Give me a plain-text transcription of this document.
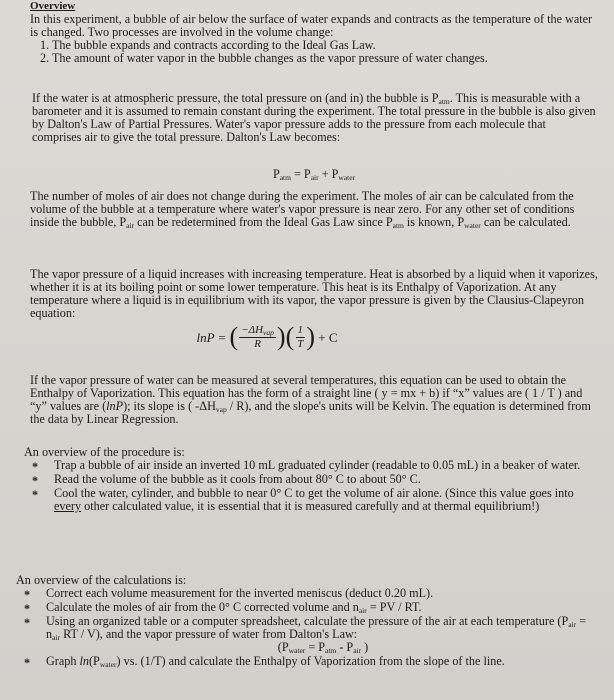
Overview

In this experiment, a bubble of air below the surface of water expands and contracts as the temperature of the water is changed. Two processes are involved in the volume change:

1. The bubble expands and contracts according to the Ideal Gas Law.

2. The amount of water vapor in the bubble changes as the vapor pressure of water changes.

If the water is at atmospheric pressure, the total pressure on (and in) the bubble is $P_{atm}$. This is measurable with a barometer and it is assumed to remain constant during the experiment. The total pressure in the bubble is also given by Dalton's Law of Partial Pressures. Water's vapor pressure adds to the pressure from each molecule that comprises air to give the total pressure. Dalton's Law becomes:

$P_{atm} = P_{air} + P_{water}$

The number of moles of air does not change during the experiment. The moles of air can be calculated from the volume of the bubble at a temperature where water's vapor pressure is near zero. For any other set of conditions inside the bubble, $P_{air}$ can be redetermined from the Ideal Gas Law since $P_{atm}$ is known, $P_{water}$ can be calculated.

The vapor pressure of a liquid increases with increasing temperature. Heat is absorbed by a liquid when it vaporizes, whether it is at its boiling point or some lower temperature. This heat is its Enthalpy of Vaporization. At any temperature where a liquid is in equilibrium with its vapor, the vapor pressure is given by the Clausius-Clapeyron equation:

lnP =
( $\frac{-\Delta H_{vap}}{R}$ ) ( $\frac{1}{T}$ )
+ C

If the vapor pressure of water can be measured at several temperatures, this equation can be used to obtain the Enthalpy of Vaporization. This equation has the form of a straight line ( y = mx + b) if “x” values are ( 1 / T ) and “y” values are (lnP); its slope is ( $-\Delta H_{vap} / R$), and the slope's units will be Kelvin. The equation is determined from the data by Linear Regression.

An overview of the procedure is:

* Trap a bubble of air inside an inverted 10 mL graduated cylinder (readable to 0.05 mL) in a beaker of water.
* Read the volume of the bubble as it cools from about 80° C to about 50° C.
* Cool the water, cylinder, and bubble to near 0° C to get the volume of air alone. (Since this value goes into every other calculated value, it is essential that it is measured carefully and at thermal equilibrium!)

An overview of the calculations is:

* Correct each volume measurement for the inverted meniscus (deduct 0.20 mL).
* Calculate the moles of air from the 0° C corrected volume and $n_{air}$ = PV / RT.
* Using an organized table or a computer spreadsheet, calculate the pressure of the air at each temperature ($P_{air} = n_{air}$ RT / V), and the vapor pressure of water from Dalton's Law:
($P_{water} = P_{atm} - P_{air}$ )
* Graph $\ln(P_{water})$ vs. (1/T) and calculate the Enthalpy of Vaporization from the slope of the line.
